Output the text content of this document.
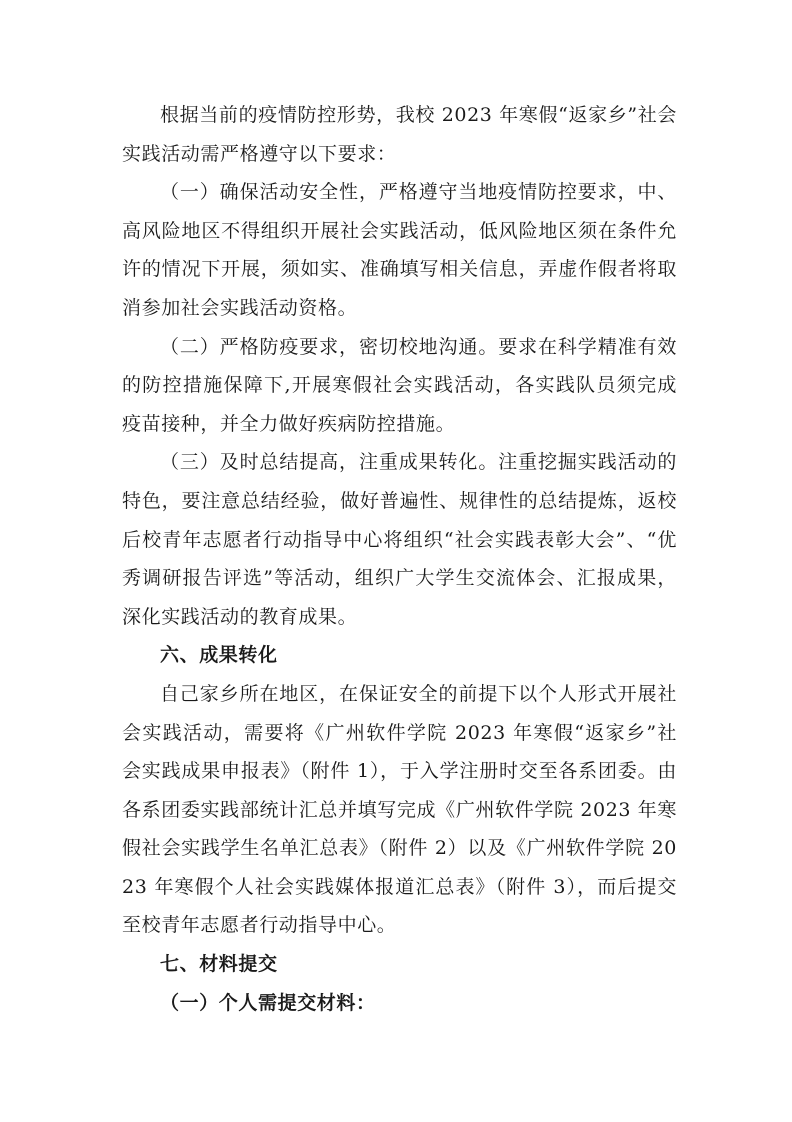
根据当前的疫情防控形势，我校 2023 年寒假“返家乡”社会实践活动需严格遵守以下要求：

（一）确保活动安全性，严格遵守当地疫情防控要求，中、高风险地区不得组织开展社会实践活动，低风险地区须在条件允许的情况下开展，须如实、准确填写相关信息，弄虚作假者将取消参加社会实践活动资格。

（二）严格防疫要求，密切校地沟通。要求在科学精准有效的防控措施保障下,开展寒假社会实践活动，各实践队员须完成疫苗接种，并全力做好疾病防控措施。

（三）及时总结提高，注重成果转化。注重挖掘实践活动的特色，要注意总结经验，做好普遍性、规律性的总结提炼，返校后校青年志愿者行动指导中心将组织“社会实践表彰大会”、“优秀调研报告评选”等活动，组织广大学生交流体会、汇报成果，深化实践活动的教育成果。

六、成果转化

自己家乡所在地区，在保证安全的前提下以个人形式开展社会实践活动，需要将《广州软件学院 2023 年寒假“返家乡”社会实践成果申报表》（附件 1），于入学注册时交至各系团委。由各系团委实践部统计汇总并填写完成《广州软件学院 2023 年寒假社会实践学生名单汇总表》（附件 2）以及《广州软件学院 2023 年寒假个人社会实践媒体报道汇总表》（附件 3），而后提交至校青年志愿者行动指导中心。

七、材料提交

（一）个人需提交材料：
